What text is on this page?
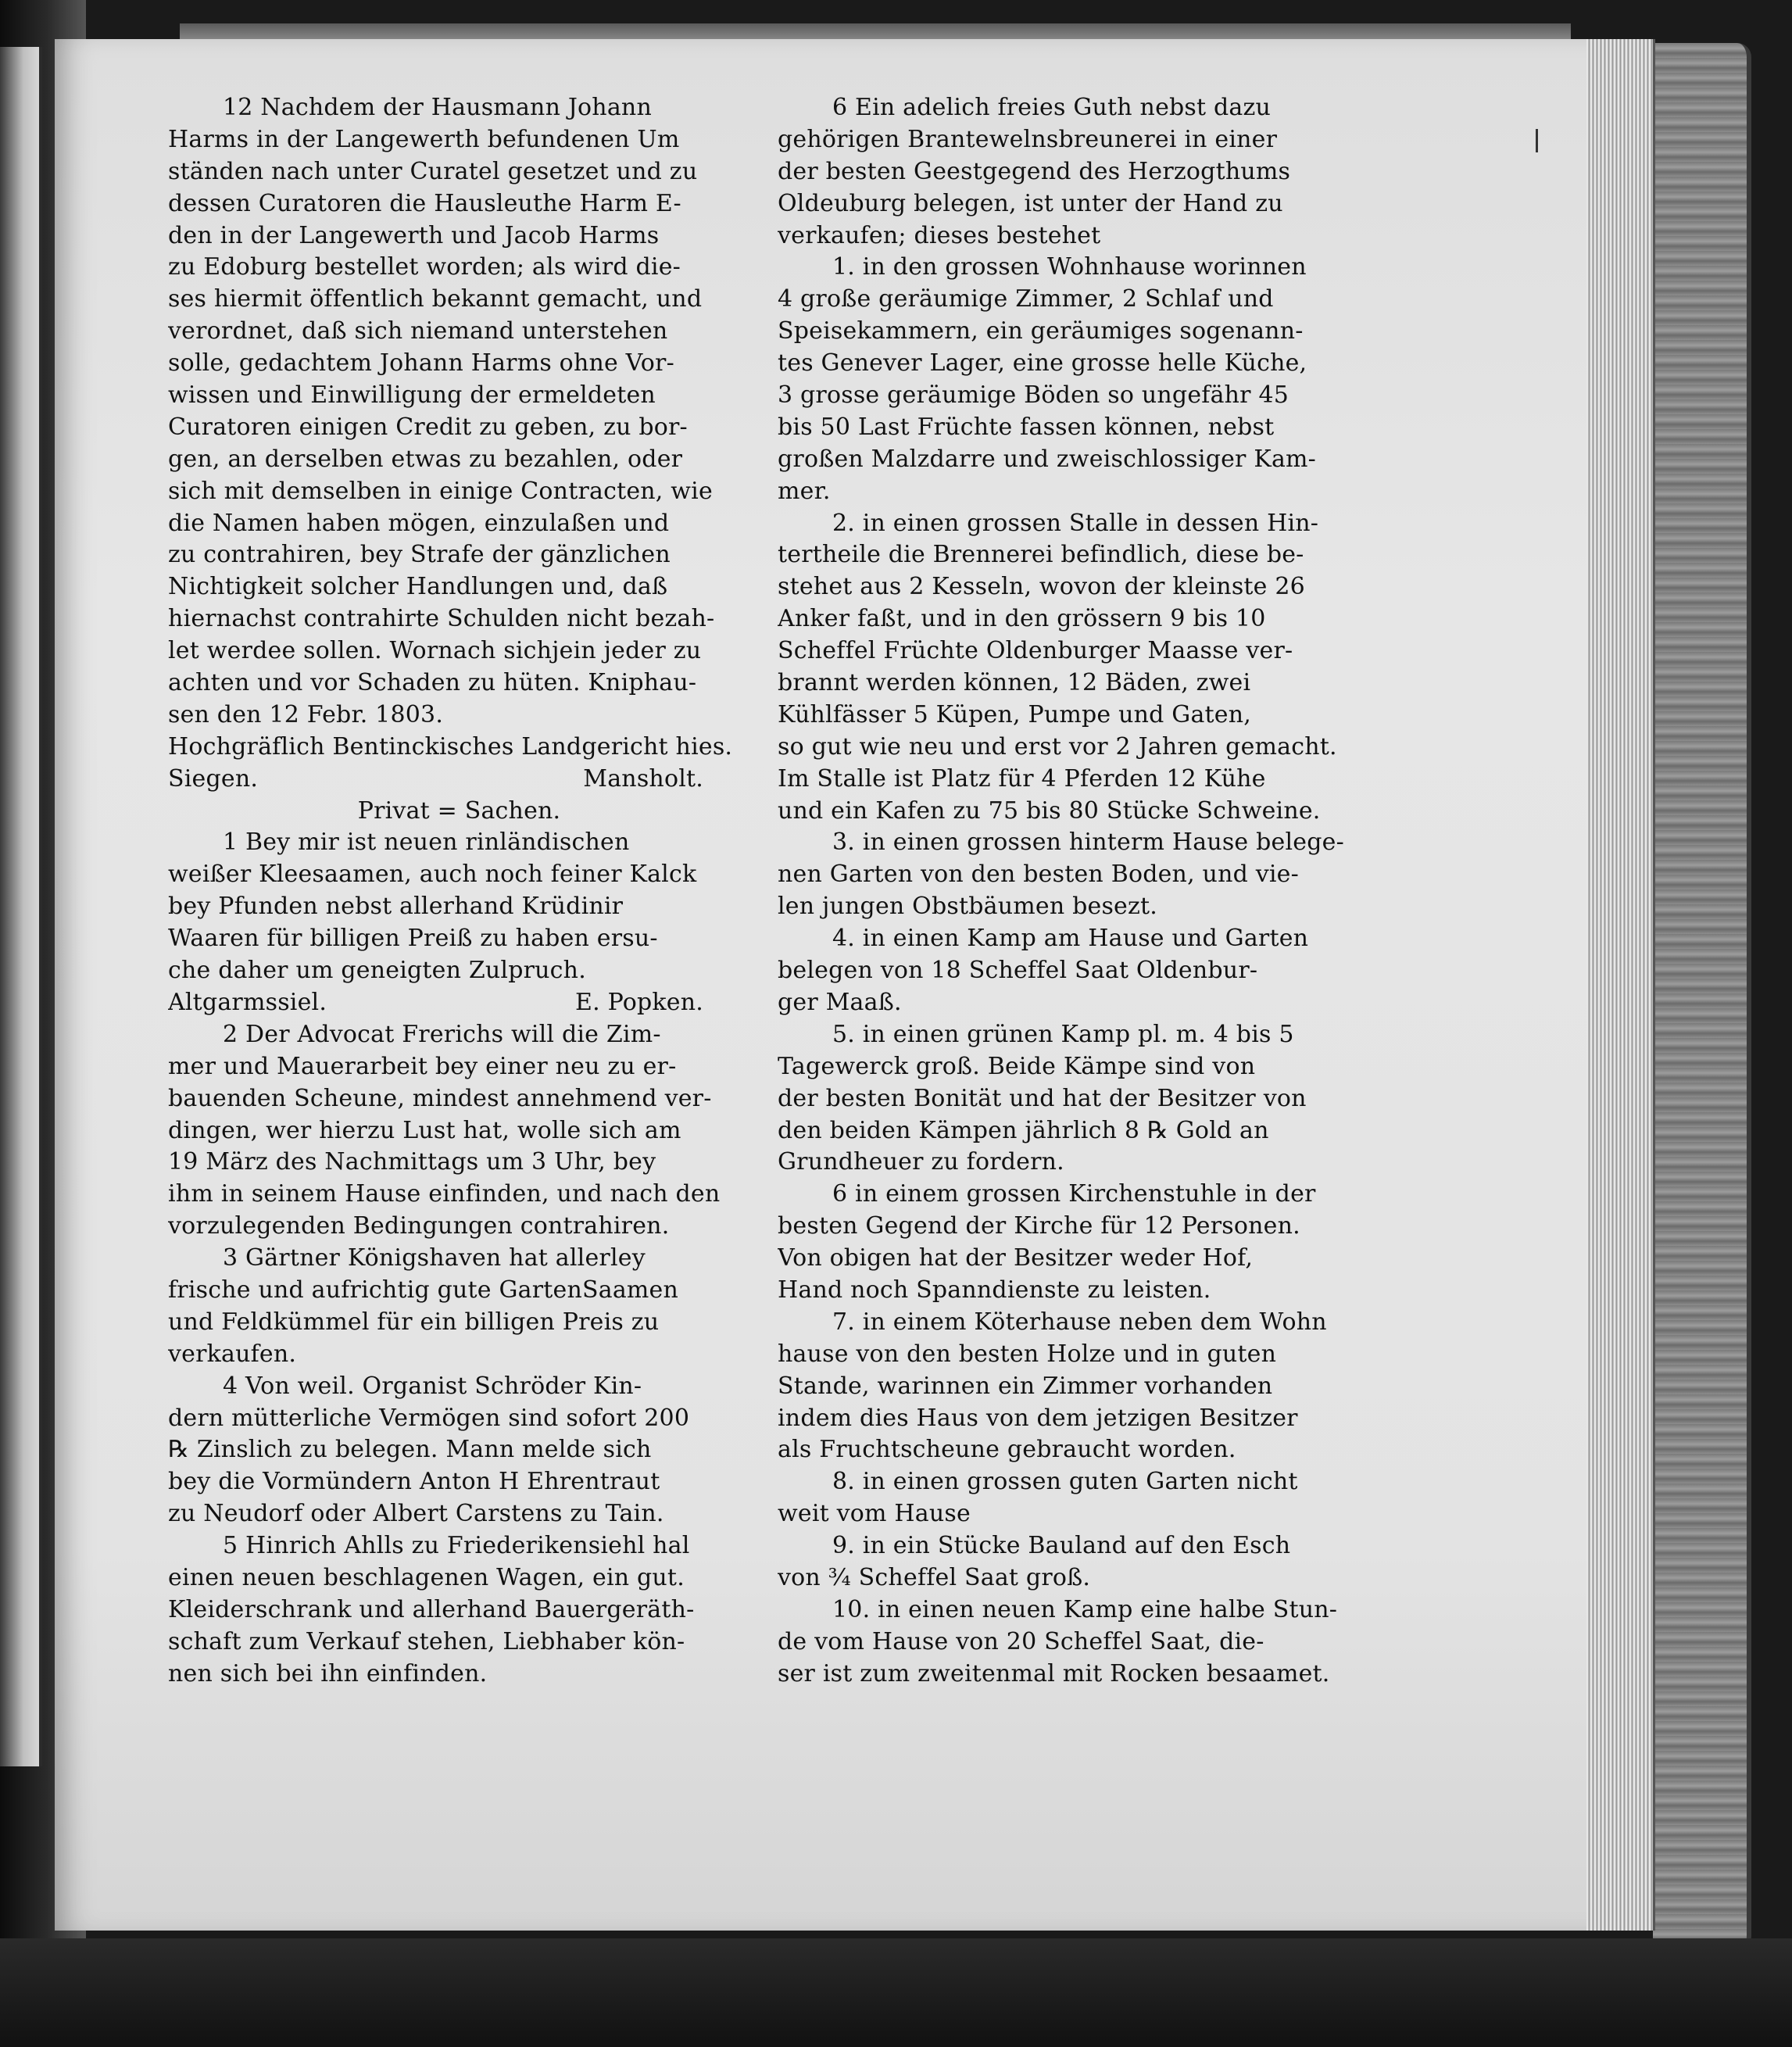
12 Nachdem der Hausmann Johann
Harms in der Langewerth befundenen Um
ständen nach unter Curatel gesetzet und zu
dessen Curatoren die Hausleuthe Harm E-
den in der Langewerth und Jacob Harms
zu Edoburg bestellet worden; als wird die-
ses hiermit öffentlich bekannt gemacht, und
verordnet, daß sich niemand unterstehen
solle, gedachtem Johann Harms ohne Vor-
wissen und Einwilligung der ermeldeten
Curatoren einigen Credit zu geben, zu bor-
gen, an derselben etwas zu bezahlen, oder
sich mit demselben in einige Contracten, wie
die Namen haben mögen, einzulaßen und
zu contrahiren, bey Strafe der gänzlichen
Nichtigkeit solcher Handlungen und, daß
hiernachst contrahirte Schulden nicht bezah-
let werdee sollen. Wornach sichjein jeder zu
achten und vor Schaden zu hüten. Kniphau-
sen den 12 Febr. 1803.
Hochgräflich Bentinckisches Landgericht hies.
Siegen.	Mansholt.
Privat = Sachen.
1 Bey mir ist neuen rinländischen
weißer Kleesaamen, auch noch feiner Kalck
bey Pfunden nebst allerhand Krüdinir
Waaren für billigen Preiß zu haben ersu-
che daher um geneigten Zulpruch.
Altgarmssiel.	E. Popken.
2 Der Advocat Frerichs will die Zim-
mer und Mauerarbeit bey einer neu zu er-
bauenden Scheune, mindest annehmend ver-
dingen, wer hierzu Lust hat, wolle sich am
19 März des Nachmittags um 3 Uhr, bey
ihm in seinem Hause einfinden, und nach den
vorzulegenden Bedingungen contrahiren.
3 Gärtner Königshaven hat allerley
frische und aufrichtig gute GartenSaamen
und Feldkümmel für ein billigen Preis zu
verkaufen.
4 Von weil. Organist Schröder Kin-
dern mütterliche Vermögen sind sofort 200
℞ Zinslich zu belegen. Mann melde sich
bey die Vormündern Anton H Ehrentraut
zu Neudorf oder Albert Carstens zu Tain.
5 Hinrich Ahlls zu Friederikensiehl hal
einen neuen beschlagenen Wagen, ein gut.
Kleiderschrank und allerhand Bauergeräth-
schaft zum Verkauf stehen, Liebhaber kön-
nen sich bei ihn einfinden.
6 Ein adelich freies Guth nebst dazu
gehörigen Brantewelnsbreunerei in einer
der besten Geestgegend des Herzogthums
Oldeuburg belegen, ist unter der Hand zu
verkaufen; dieses bestehet
1. in den grossen Wohnhause worinnen
4 große geräumige Zimmer, 2 Schlaf und
Speisekammern, ein geräumiges sogenann-
tes Genever Lager, eine grosse helle Küche,
3 grosse geräumige Böden so ungefähr 45
bis 50 Last Früchte fassen können, nebst
großen Malzdarre und zweischlossiger Kam-
mer.
2. in einen grossen Stalle in dessen Hin-
tertheile die Brennerei befindlich, diese be-
stehet aus 2 Kesseln, wovon der kleinste 26
Anker faßt, und in den grössern 9 bis 10
Scheffel Früchte Oldenburger Maasse ver-
brannt werden können, 12 Bäden, zwei
Kühlfässer 5 Küpen, Pumpe und Gaten,
so gut wie neu und erst vor 2 Jahren gemacht.
Im Stalle ist Platz für 4 Pferden 12 Kühe
und ein Kafen zu 75 bis 80 Stücke Schweine.
3. in einen grossen hinterm Hause belege-
nen Garten von den besten Boden, und vie-
len jungen Obstbäumen besezt.
4. in einen Kamp am Hause und Garten
belegen von 18 Scheffel Saat Oldenbur-
ger Maaß.
5. in einen grünen Kamp pl. m. 4 bis 5
Tagewerck groß. Beide Kämpe sind von
der besten Bonität und hat der Besitzer von
den beiden Kämpen jährlich 8 ℞ Gold an
Grundheuer zu fordern.
6 in einem grossen Kirchenstuhle in der
besten Gegend der Kirche für 12 Personen.
Von obigen hat der Besitzer weder Hof,
Hand noch Spanndienste zu leisten.
7. in einem Köterhause neben dem Wohn
hause von den besten Holze und in guten
Stande, warinnen ein Zimmer vorhanden
indem dies Haus von dem jetzigen Besitzer
als Fruchtscheune gebraucht worden.
8. in einen grossen guten Garten nicht
weit vom Hause
9. in ein Stücke Bauland auf den Esch
von ¾ Scheffel Saat groß.
10. in einen neuen Kamp eine halbe Stun-
de vom Hause von 20 Scheffel Saat, die-
ser ist zum zweitenmal mit Rocken besaamet.
